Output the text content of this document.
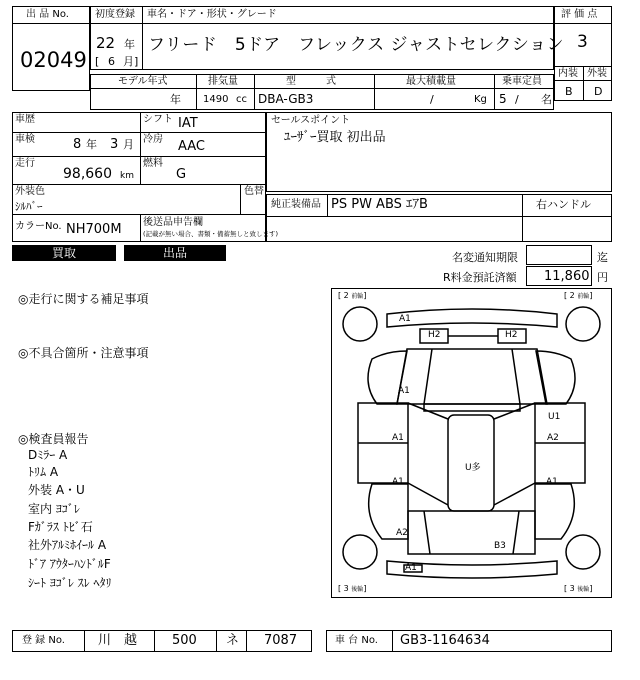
出 品 No.
02049
初度登録 車名・ドア・形状・グレード
22 年
[ 6 月]
フリード　5ドア　フレックス ジャストセレクション
評 価 点
3
内装 外装
B D
モデル年式	排気量	型　　　式	最大積載量	乗車定員
年 1490 cc DBA-GB3	/	Kg 5 / 名
車歴	シフト IAT
車検	8 年 3 月 冷房 AAC
走行
98,660 km
燃料
G
外装色
ｼﾙﾊﾞｰ
色替
カラーNo. NH700M 後送品申告欄
(記載が無い場合、書類・備蓄無しと致します)
セールスポイント
ﾕｰｻﾞｰ買取 初出品
純正装備品 PS PW ABS ｴｱB	右ハンドル
買取	出品	名変通知期限	迄
R料金預託済額 11,860 円
◎走行に関する補足事項
◎不具合箇所・注意事項
◎検査員報告
Dﾐﾗｰ A
ﾄﾘﾑ A
外装 A・U
室内 ﾖｺﾞﾚ
Fｶﾞﾗｽ ﾄﾋﾞ石
社外ｱﾙﾐﾎｲｰﾙ A
ﾄﾞｱ ｱｳﾀｰﾊﾝﾄﾞﾙF
ｼｰﾄ ﾖｺﾞﾚ ｽﾚ ﾍﾀﾘ
[ 2 前輪]	[ 2 前輪]
[ 3 後輪]	[ 3 後輪]
A1
H2	H2
A1
U1
A1	A2
U多
A1	A1
A2
B3
A1
登 録 No.	川　越	500 ネ 7087	車 台 No. GB3-1164634
